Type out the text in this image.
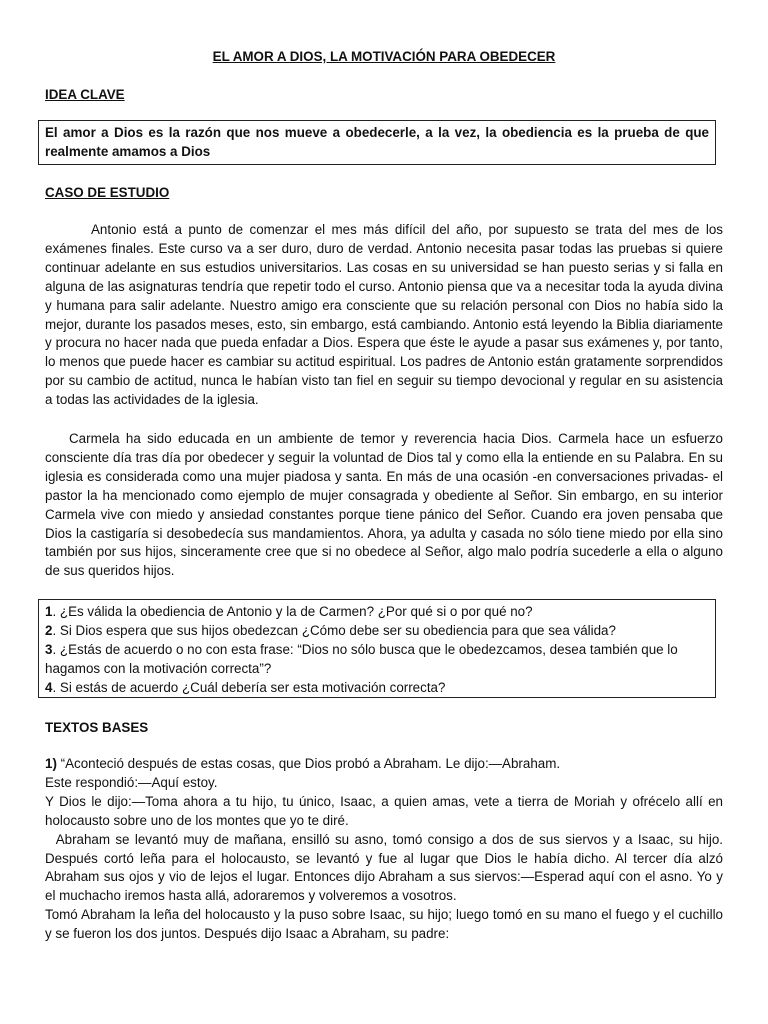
EL AMOR A DIOS, LA MOTIVACIÓN PARA OBEDECER
IDEA CLAVE
El amor a Dios es la razón que nos mueve a obedecerle, a la vez, la obediencia es la prueba de que realmente amamos a Dios
CASO DE ESTUDIO

Antonio está a punto de comenzar el mes más difícil del año, por supuesto se trata del mes de los exámenes finales. Este curso va a ser duro, duro de verdad. Antonio necesita pasar todas las pruebas si quiere continuar adelante en sus estudios universitarios. Las cosas en su universidad se han puesto serias y si falla en alguna de las asignaturas tendría que repetir todo el curso. Antonio piensa que va a necesitar toda la ayuda divina y humana para salir adelante. Nuestro amigo era consciente que su relación personal con Dios no había sido la mejor, durante los pasados meses, esto, sin embargo, está cambiando. Antonio está leyendo la Biblia diariamente y procura no hacer nada que pueda enfadar a Dios. Espera que éste le ayude a pasar sus exámenes y, por tanto, lo menos que puede hacer es cambiar su actitud espiritual. Los padres de Antonio están gratamente sorprendidos por su cambio de actitud, nunca le habían visto tan fiel en seguir su tiempo devocional y regular en su asistencia a todas las actividades de la iglesia.

Carmela ha sido educada en un ambiente de temor y reverencia hacia Dios. Carmela hace un esfuerzo consciente día tras día por obedecer y seguir la voluntad de Dios tal y como ella la entiende en su Palabra. En su iglesia es considerada como una mujer piadosa y santa. En más de una ocasión -en conversaciones privadas- el pastor la ha mencionado como ejemplo de mujer consagrada y obediente al Señor. Sin embargo, en su interior Carmela vive con miedo y ansiedad constantes porque tiene pánico del Señor. Cuando era joven pensaba que Dios la castigaría si desobedecía sus mandamientos. Ahora, ya adulta y casada no sólo tiene miedo por ella sino también por sus hijos, sinceramente cree que si no obedece al Señor, algo malo podría sucederle a ella o alguno de sus queridos hijos.

1. ¿Es válida la obediencia de Antonio y la de Carmen? ¿Por qué si o por qué no?

2. Si Dios espera que sus hijos obedezcan ¿Cómo debe ser su obediencia para que sea válida?

3. ¿Estás de acuerdo o no con esta frase: “Dios no sólo busca que le obedezcamos, desea también que lo hagamos con la motivación correcta”?

4. Si estás de acuerdo ¿Cuál debería ser esta motivación correcta?

TEXTOS BASES

1) “Aconteció después de estas cosas, que Dios probó a Abraham. Le dijo:—Abraham.

Este respondió:—Aquí estoy.

Y Dios le dijo:—Toma ahora a tu hijo, tu único, Isaac, a quien amas, vete a tierra de Moriah y ofrécelo allí en holocausto sobre uno de los montes que yo te diré.

Abraham se levantó muy de mañana, ensilló su asno, tomó consigo a dos de sus siervos y a Isaac, su hijo. Después cortó leña para el holocausto, se levantó y fue al lugar que Dios le había dicho. Al tercer día alzó Abraham sus ojos y vio de lejos el lugar. Entonces dijo Abraham a sus siervos:—Esperad aquí con el asno. Yo y el muchacho iremos hasta allá, adoraremos y volveremos a vosotros.

Tomó Abraham la leña del holocausto y la puso sobre Isaac, su hijo; luego tomó en su mano el fuego y el cuchillo y se fueron los dos juntos. Después dijo Isaac a Abraham, su padre:
